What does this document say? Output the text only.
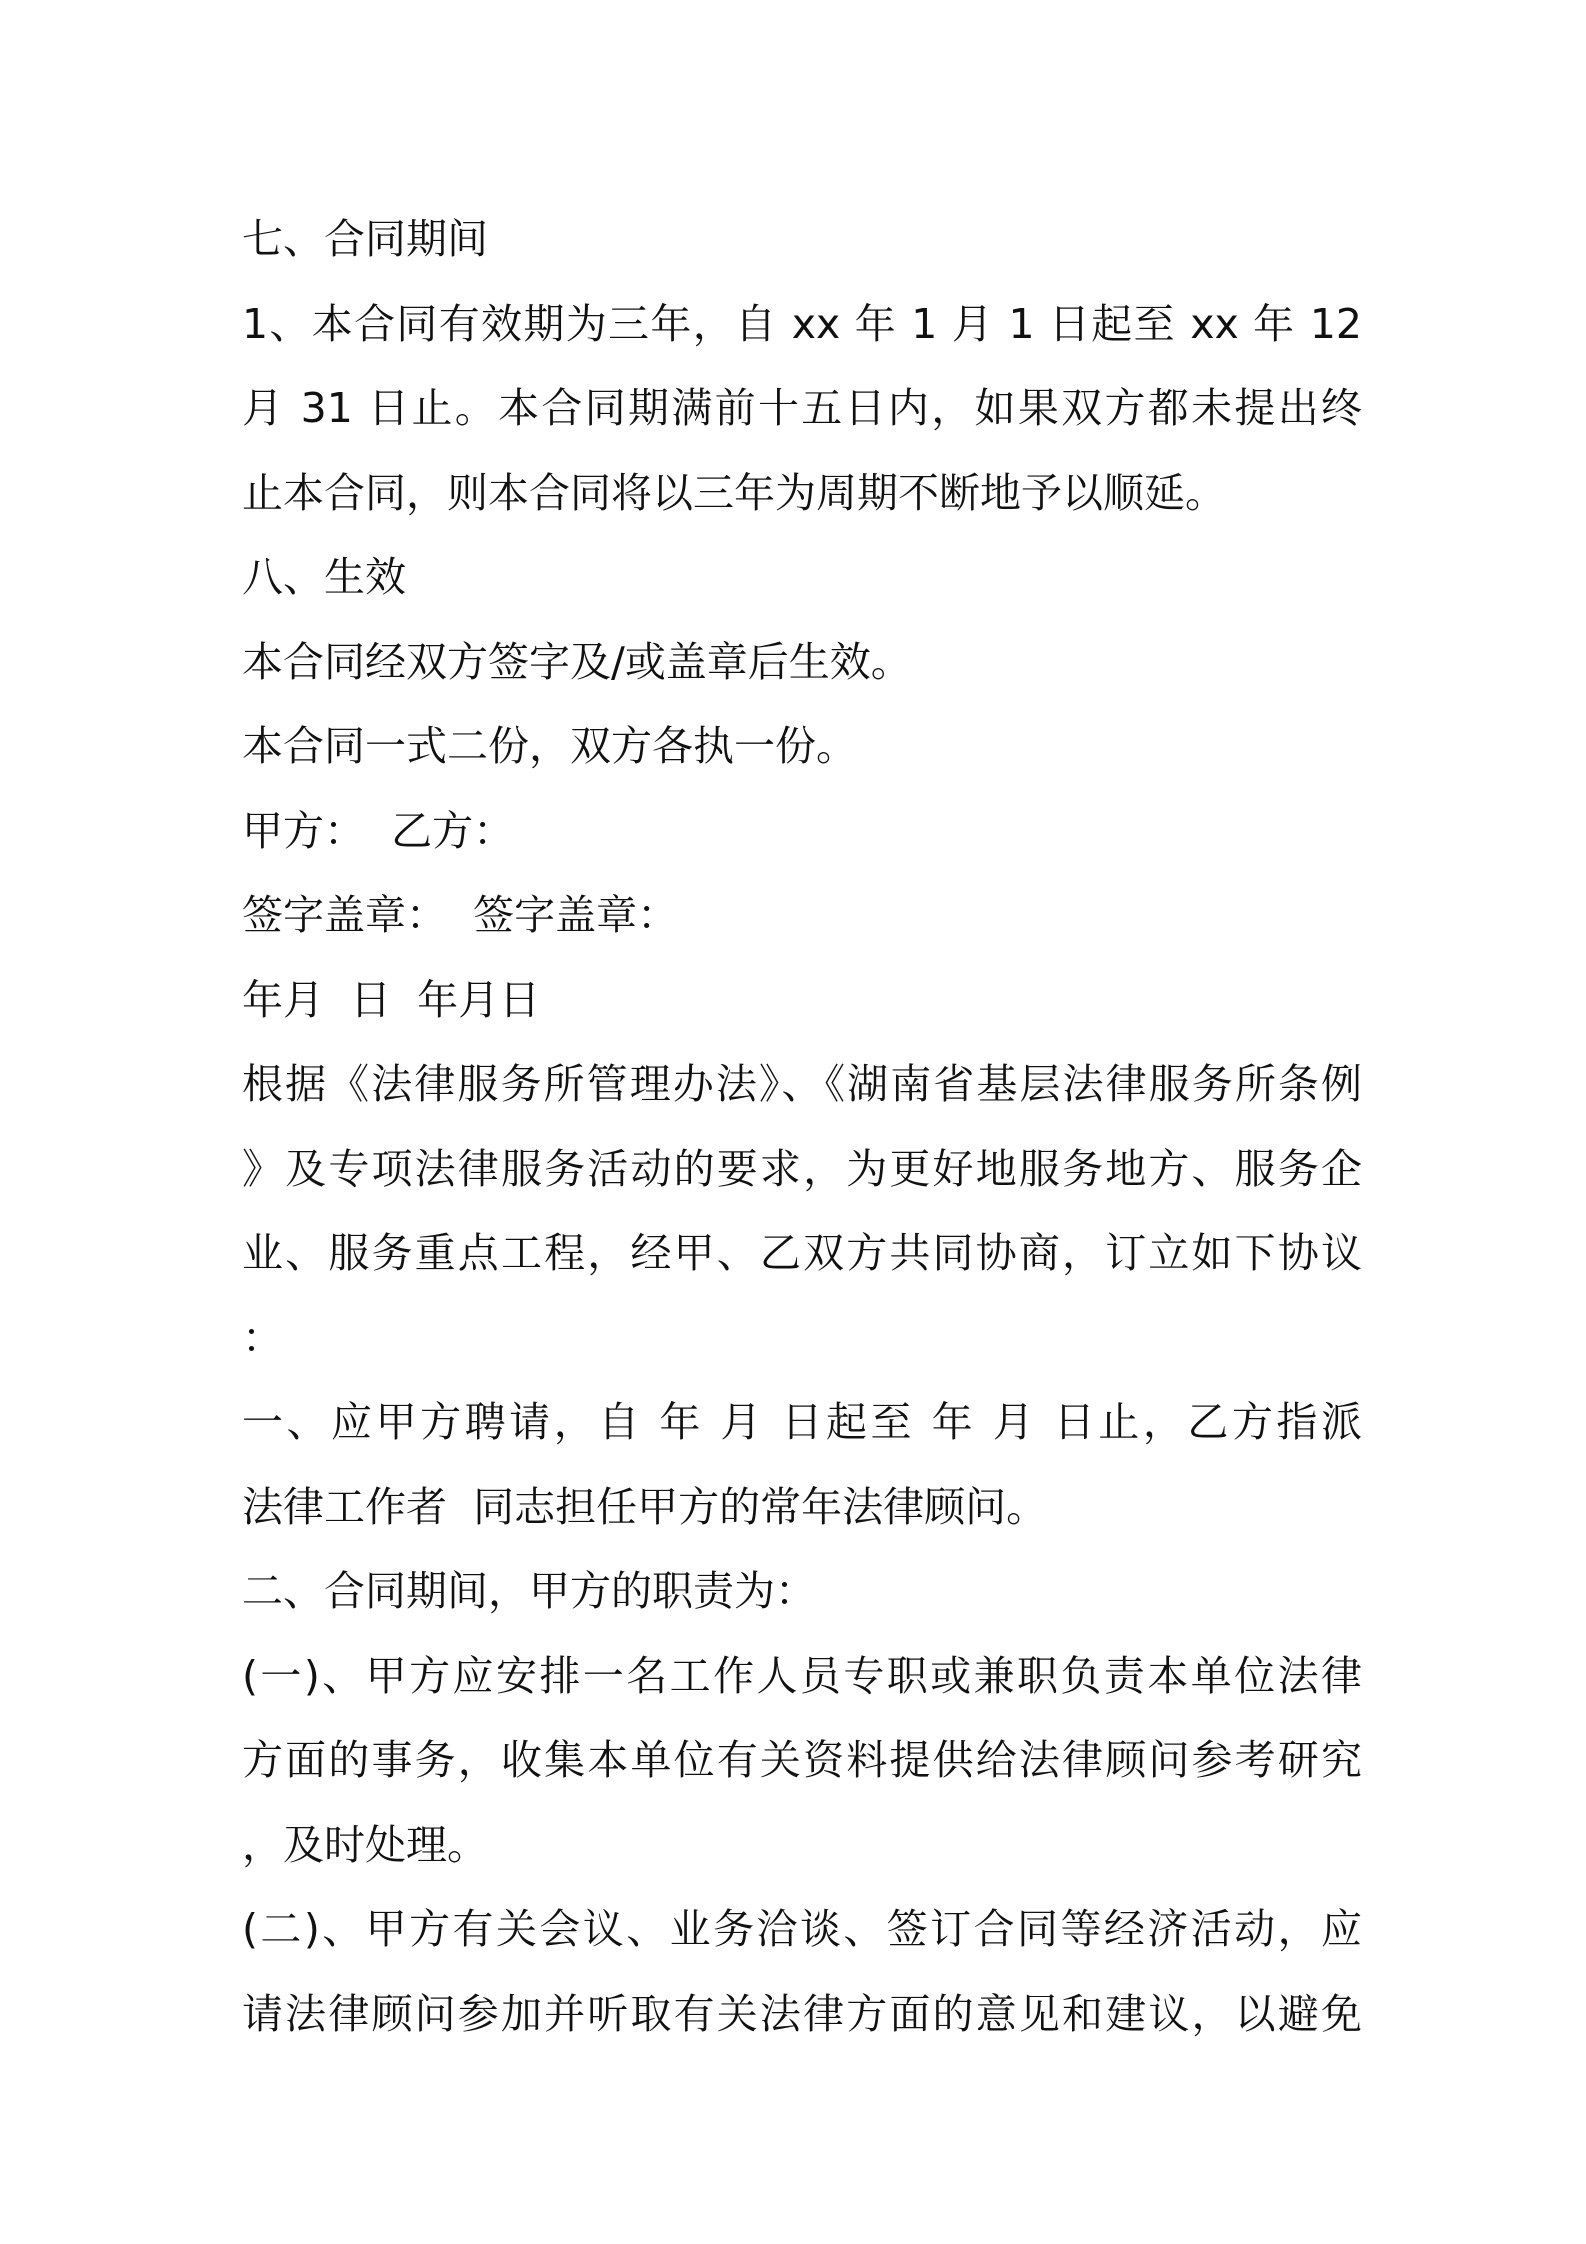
七、合同期间
1、本合同有效期为三年，自 xx 年 1 月 1 日起至 xx 年 12
月 31 日止。本合同期满前十五日内，如果双方都未提出终
止本合同，则本合同将以三年为周期不断地予以顺延。
八、生效
本合同经双方签字及/或盖章后生效。
本合同一式二份，双方各执一份。
甲方：  乙方：
签字盖章：  签字盖章：
年月  日  年月日
根据《法律服务所管理办法》、《湖南省基层法律服务所条例
》及专项法律服务活动的要求，为更好地服务地方、服务企
业、服务重点工程，经甲、乙双方共同协商，订立如下协议
：
一、应甲方聘请，自 年 月 日起至 年 月 日止，乙方指派
法律工作者  同志担任甲方的常年法律顾问。
二、合同期间，甲方的职责为：
(一)、甲方应安排一名工作人员专职或兼职负责本单位法律
方面的事务，收集本单位有关资料提供给法律顾问参考研究
，及时处理。
(二)、甲方有关会议、业务洽谈、签订合同等经济活动，应
请法律顾问参加并听取有关法律方面的意见和建议，以避免
